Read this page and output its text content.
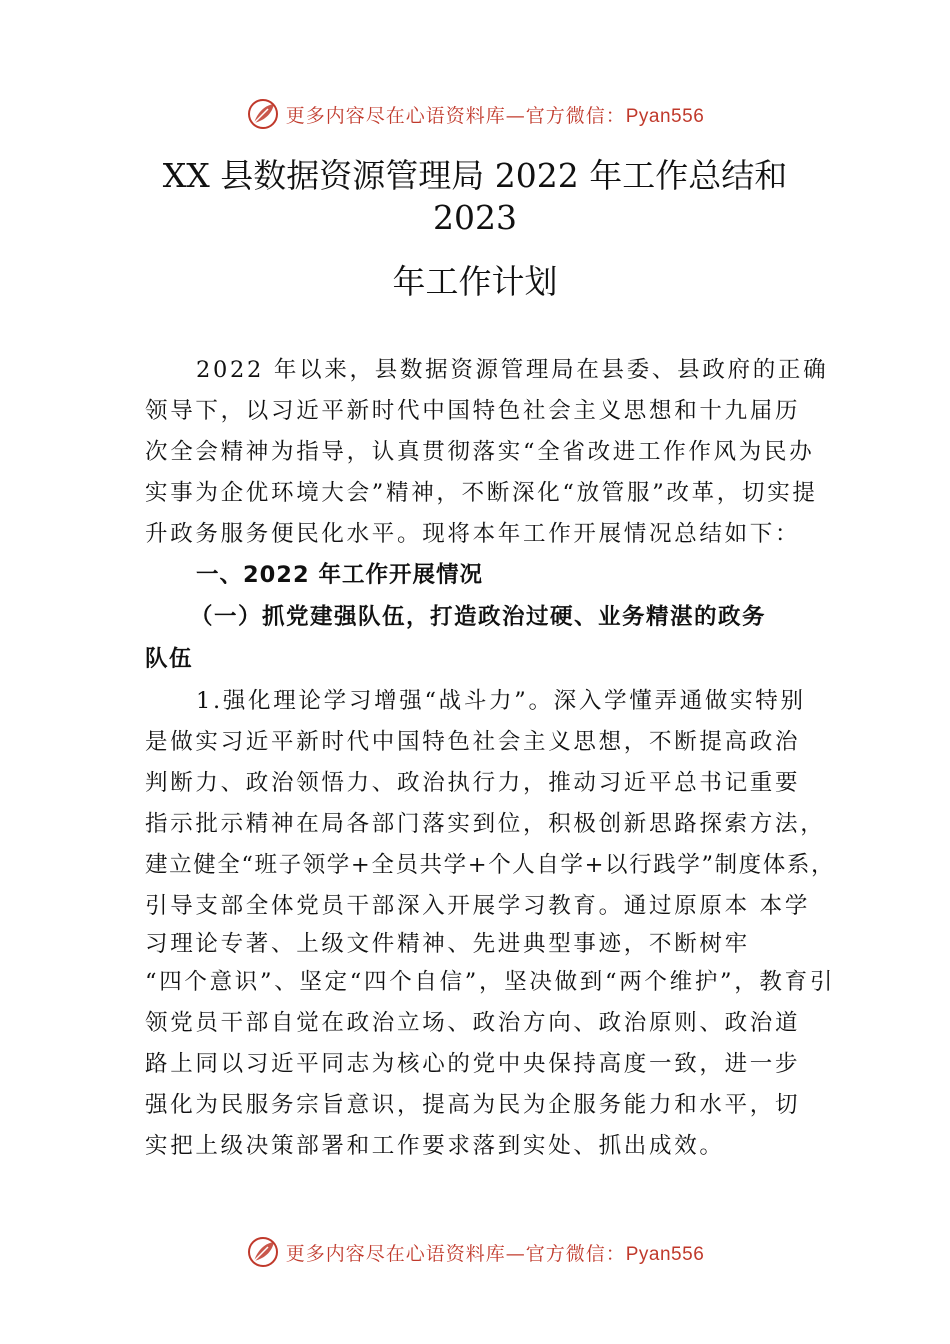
更多内容尽在心语资料库—官方微信：Pyan556
XX 县数据资源管理局 2022 年工作总结和
2023
年工作计划
2022 年以来，县数据资源管理局在县委、县政府的正确
领导下，以习近平新时代中国特色社会主义思想和十九届历
次全会精神为指导，认真贯彻落实“全省改进工作作风为民办
实事为企优环境大会”精神，不断深化“放管服”改革，切实提
升政务服务便民化水平。现将本年工作开展情况总结如下：
一、2022 年工作开展情况
（一）抓党建强队伍，打造政治过硬、业务精湛的政务
队伍
1.强化理论学习增强“战斗力”。深入学懂弄通做实特别
是做实习近平新时代中国特色社会主义思想，不断提高政治
判断力、政治领悟力、政治执行力，推动习近平总书记重要
指示批示精神在局各部门落实到位，积极创新思路探索方法，
建立健全“班子领学+全员共学+个人自学+以行践学”制度体系，
引导支部全体党员干部深入开展学习教育。通过原原本 本学
习理论专著、上级文件精神、先进典型事迹，不断树牢
“四个意识”、坚定“四个自信”，坚决做到“两个维护”，教育引
领党员干部自觉在政治立场、政治方向、政治原则、政治道
路上同以习近平同志为核心的党中央保持高度一致，进一步
强化为民服务宗旨意识，提高为民为企服务能力和水平，切
实把上级决策部署和工作要求落到实处、抓出成效。
更多内容尽在心语资料库—官方微信：Pyan556
